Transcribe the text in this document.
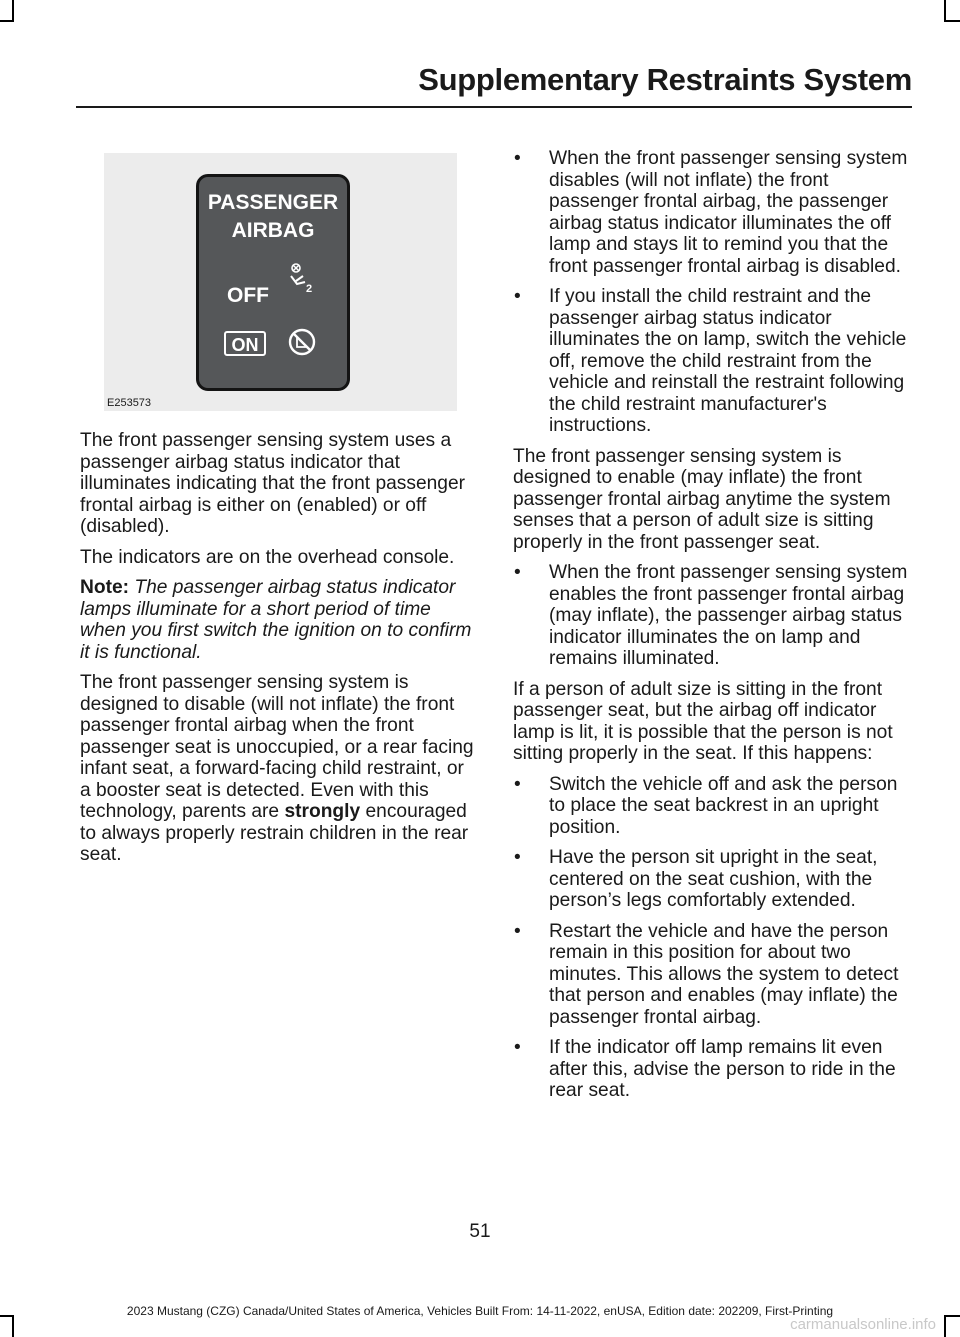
Supplementary Restraints System
PASSENGER
AIRBAG
OFF	2
ON
E253573

The front passenger sensing system uses a passenger airbag status indicator that illuminates indicating that the front passenger frontal airbag is either on (enabled) or off (disabled).

The indicators are on the overhead console.

Note: The passenger airbag status indicator lamps illuminate for a short period of time when you first switch the ignition on to confirm it is functional.

The front passenger sensing system is designed to disable (will not inflate) the front passenger frontal airbag when the front passenger seat is unoccupied, or a rear facing infant seat, a forward-facing child restraint, or a booster seat is detected. Even with this technology, parents are strongly encouraged to always properly restrain children in the rear seat.

• When the front passenger sensing system disables (will not inflate) the front passenger frontal airbag, the passenger airbag status indicator illuminates the off lamp and stays lit to remind you that the front passenger frontal airbag is disabled.
• If you install the child restraint and the passenger airbag status indicator illuminates the on lamp, switch the vehicle off, remove the child restraint from the vehicle and reinstall the restraint following the child restraint manufacturer's instructions.

The front passenger sensing system is designed to enable (may inflate) the front passenger frontal airbag anytime the system senses that a person of adult size is sitting properly in the front passenger seat.

• When the front passenger sensing system enables the front passenger frontal airbag (may inflate), the passenger airbag status indicator illuminates the on lamp and remains illuminated.

If a person of adult size is sitting in the front passenger seat, but the airbag off indicator lamp is lit, it is possible that the person is not sitting properly in the seat. If this happens:

• Switch the vehicle off and ask the person to place the seat backrest in an upright position.
• Have the person sit upright in the seat, centered on the seat cushion, with the person’s legs comfortably extended.
• Restart the vehicle and have the person remain in this position for about two minutes. This allows the system to detect that person and enables (may inflate) the passenger frontal airbag.
• If the indicator off lamp remains lit even after this, advise the person to ride in the rear seat.
51
2023 Mustang (CZG) Canada/United States of America, Vehicles Built From: 14-11-2022, enUSA, Edition date: 202209, First-Printing
carmanualsonline.info
